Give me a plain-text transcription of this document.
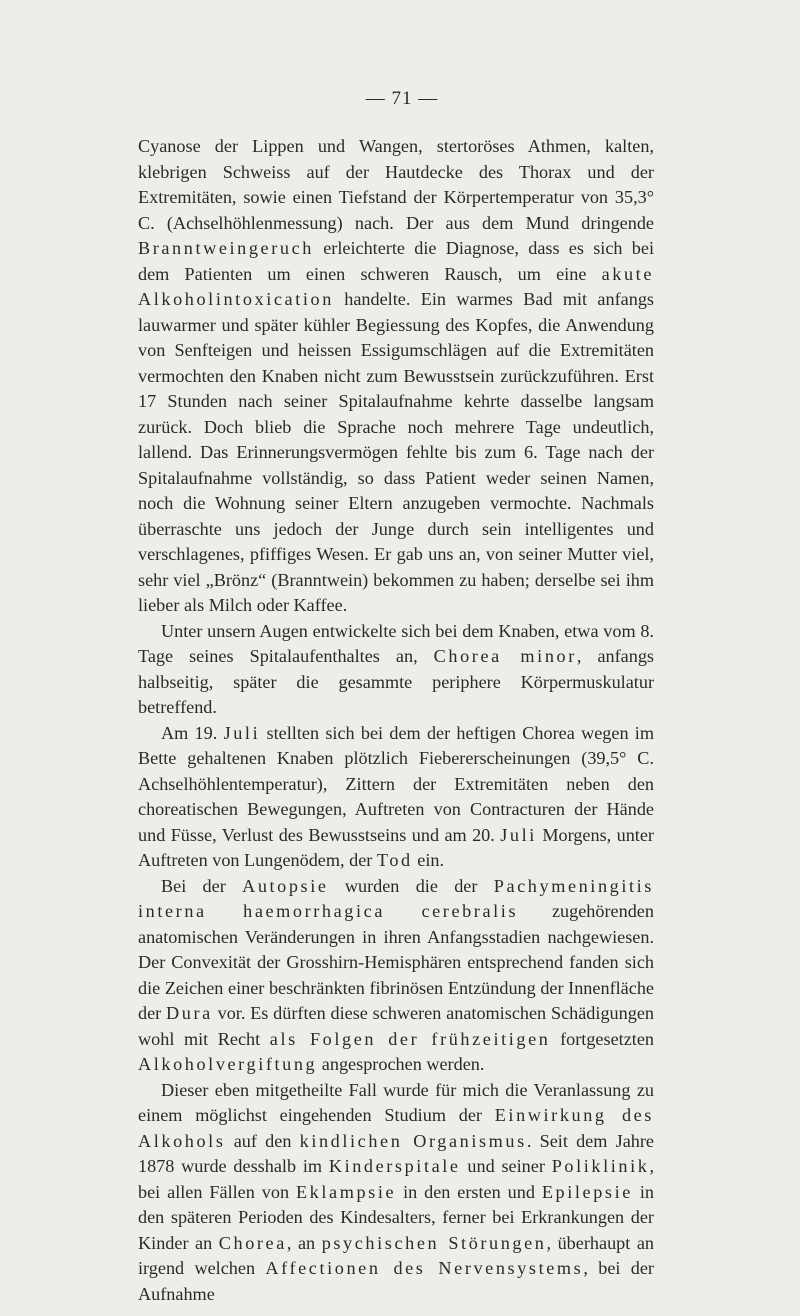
— 71 —

Cyanose der Lippen und Wangen, stertoröses Athmen, kalten, klebrigen Schweiss auf der Hautdecke des Thorax und der Extremitäten, sowie einen Tiefstand der Körpertemperatur von 35,3° C. (Achselhöhlenmessung) nach. Der aus dem Mund dringende Branntweingeruch erleichterte die Diagnose, dass es sich bei dem Patienten um einen schweren Rausch, um eine akute Alkoholintoxication handelte. Ein warmes Bad mit anfangs lauwarmer und später kühler Begiessung des Kopfes, die Anwendung von Senfteigen und heissen Essigumschlägen auf die Extremitäten vermochten den Knaben nicht zum Bewusstsein zurückzuführen. Erst 17 Stunden nach seiner Spitalaufnahme kehrte dasselbe langsam zurück. Doch blieb die Sprache noch mehrere Tage undeutlich, lallend. Das Erinnerungsvermögen fehlte bis zum 6. Tage nach der Spitalaufnahme vollständig, so dass Patient weder seinen Namen, noch die Wohnung seiner Eltern anzugeben vermochte. Nachmals überraschte uns jedoch der Junge durch sein intelligentes und verschlagenes, pfiffiges Wesen. Er gab uns an, von seiner Mutter viel, sehr viel „Brönz“ (Branntwein) bekommen zu haben; derselbe sei ihm lieber als Milch oder Kaffee.

Unter unsern Augen entwickelte sich bei dem Knaben, etwa vom 8. Tage seines Spitalaufenthaltes an, Chorea minor, anfangs halbseitig, später die gesammte periphere Körpermuskulatur betreffend.

Am 19. Juli stellten sich bei dem der heftigen Chorea wegen im Bette gehaltenen Knaben plötzlich Fiebererscheinungen (39,5° C. Achselhöhlentemperatur), Zittern der Extremitäten neben den choreatischen Bewegungen, Auftreten von Contracturen der Hände und Füsse, Verlust des Bewusstseins und am 20. Juli Morgens, unter Auftreten von Lungenödem, der Tod ein.

Bei der Autopsie wurden die der Pachymeningitis interna haemorrhagica cerebralis zugehörenden anatomischen Veränderungen in ihren Anfangsstadien nachgewiesen. Der Convexität der Grosshirn-Hemisphären entsprechend fanden sich die Zeichen einer beschränkten fibrinösen Entzündung der Innenfläche der Dura vor. Es dürften diese schweren anatomischen Schädigungen wohl mit Recht als Folgen der frühzeitigen fortgesetzten Alkoholvergiftung angesprochen werden.

Dieser eben mitgetheilte Fall wurde für mich die Veranlassung zu einem möglichst eingehenden Studium der Einwirkung des Alkohols auf den kindlichen Organismus. Seit dem Jahre 1878 wurde desshalb im Kinderspitale und seiner Poliklinik, bei allen Fällen von Eklampsie in den ersten und Epilepsie in den späteren Perioden des Kindesalters, ferner bei Erkrankungen der Kinder an Chorea, an psychischen Störungen, überhaupt an irgend welchen Affectionen des Nervensystems, bei der Aufnahme
